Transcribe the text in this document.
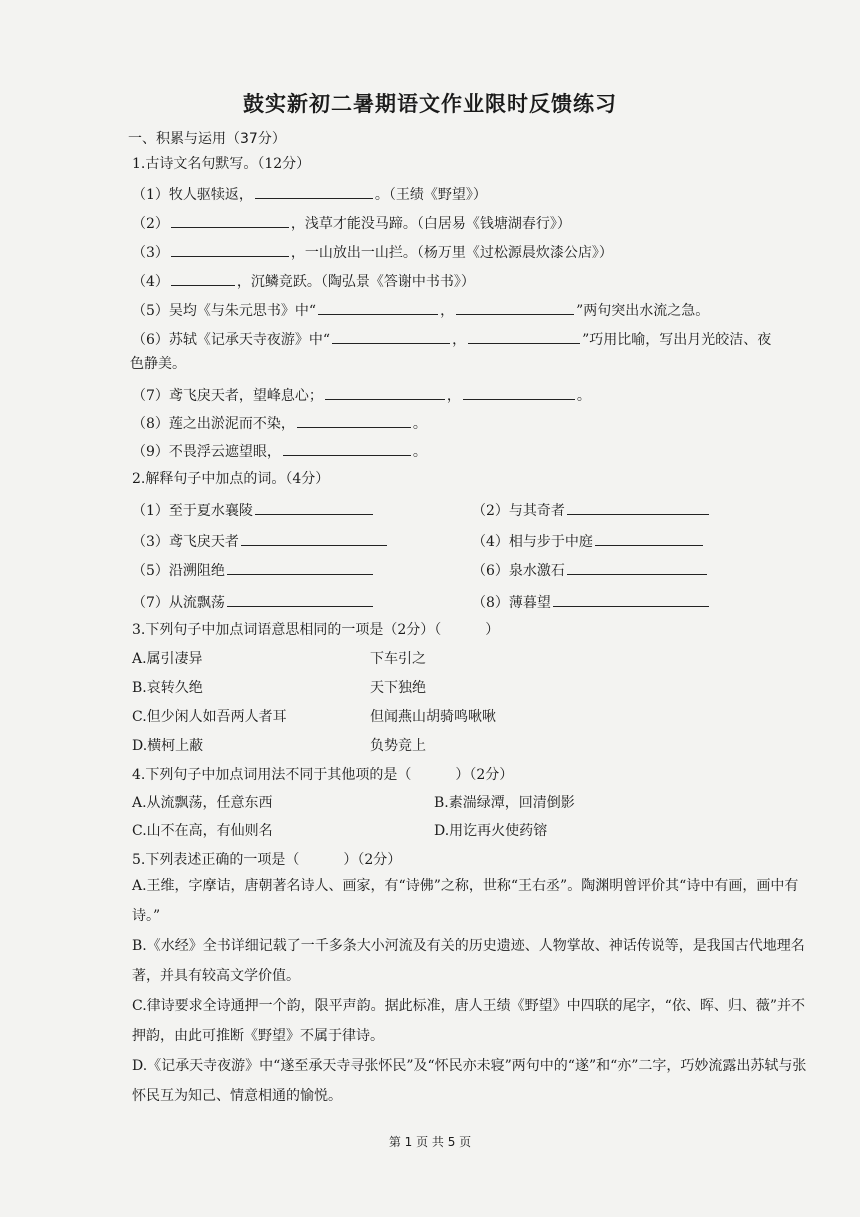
鼓实新初二暑期语文作业限时反馈练习
一、积累与运用（37分）
1.古诗文名句默写。（12分）
（1）牧人驱犊返，	。（王绩《野望》）
（2）	，浅草才能没马蹄。（白居易《钱塘湖春行》）
（3）	，一山放出一山拦。（杨万里《过松源晨炊漆公店》）
（4）	，沉鳞竞跃。（陶弘景《答谢中书书》）
（5）吴均《与朱元思书》中“	，	”两句突出水流之急。
（6）苏轼《记承天寺夜游》中“	，	”巧用比喻，写出月光皎洁、夜
色静美。
（7）鸢飞戾天者，望峰息心；	，	。
（8）莲之出淤泥而不染，	。
（9）不畏浮云遮望眼，	。
2.解释句子中加点的词。（4分）
（1）至于夏水襄陵	（2）与其奇者
（3）鸢飞戾天者	（4）相与步于中庭
（5）沿溯阻绝	（6）泉水激石
（7）从流飘荡	（8）薄暮望
3.下列句子中加点词语意思相同的一项是（2分）（	）
A.属引凄异	下车引之
B.哀转久绝	天下独绝
C.但少闲人如吾两人者耳	但闻燕山胡骑鸣啾啾
D.横柯上蔽	负势竞上
4.下列句子中加点词用法不同于其他项的是（	）（2分）
A.从流飘荡，任意东西	B.素湍绿潭，回清倒影
C.山不在高，有仙则名	D.用讫再火使药镕
5.下列表述正确的一项是（	）（2分）
A.王维，字摩诘，唐朝著名诗人、画家，有“诗佛”之称，世称“王右丞”。陶渊明曾评价其“诗中有画，画中有诗。”
B.《水经》全书详细记载了一千多条大小河流及有关的历史遗迹、人物掌故、神话传说等，是我国古代地理名著，并具有较高文学价值。
C.律诗要求全诗通押一个韵，限平声韵。据此标准，唐人王绩《野望》中四联的尾字，“依、晖、归、薇”并不押韵，由此可推断《野望》不属于律诗。
D.《记承天寺夜游》中“遂至承天寺寻张怀民”及“怀民亦未寝”两句中的“遂”和“亦”二字，巧妙流露出苏轼与张怀民互为知己、情意相通的愉悦。
第 1 页 共 5 页
